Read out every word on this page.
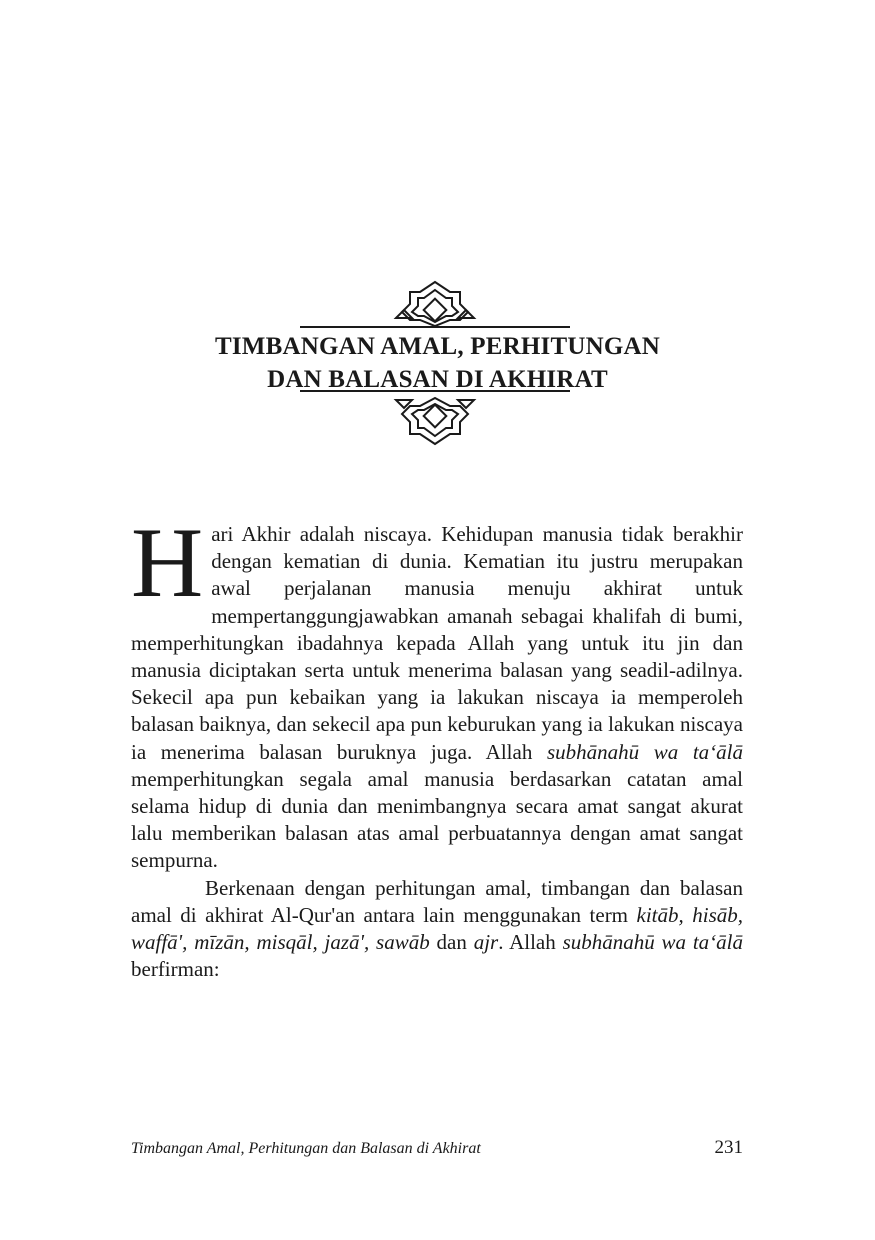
TIMBANGAN AMAL, PERHITUNGAN
DAN BALASAN DI AKHIRAT

Hari Akhir adalah niscaya. Kehidupan manusia tidak berakhir dengan kematian di dunia. Kematian itu justru merupakan awal perjalanan manusia menuju akhirat untuk mempertanggungjawabkan amanah sebagai khalifah di bumi, memperhitungkan ibadahnya kepada Allah yang untuk itu jin dan manusia diciptakan serta untuk menerima balasan yang seadil-adilnya. Sekecil apa pun kebaikan yang ia lakukan niscaya ia memperoleh balasan baiknya, dan sekecil apa pun keburukan yang ia lakukan niscaya ia menerima balasan buruknya juga. Allah subhānahū wa ta‘ālā memperhitungkan segala amal manusia berdasarkan catatan amal selama hidup di dunia dan menimbangnya secara amat sangat akurat lalu memberikan balasan atas amal perbuatannya dengan amat sangat sempurna.

Berkenaan dengan perhitungan amal, timbangan dan balasan amal di akhirat Al-Qur'an antara lain menggunakan term kitāb, hisāb, waffā', mīzān, misqāl, jazā', sawāb dan ajr. Allah subhānahū wa ta‘ālā berfirman:

Timbangan Amal, Perhitungan dan Balasan di Akhirat	231
